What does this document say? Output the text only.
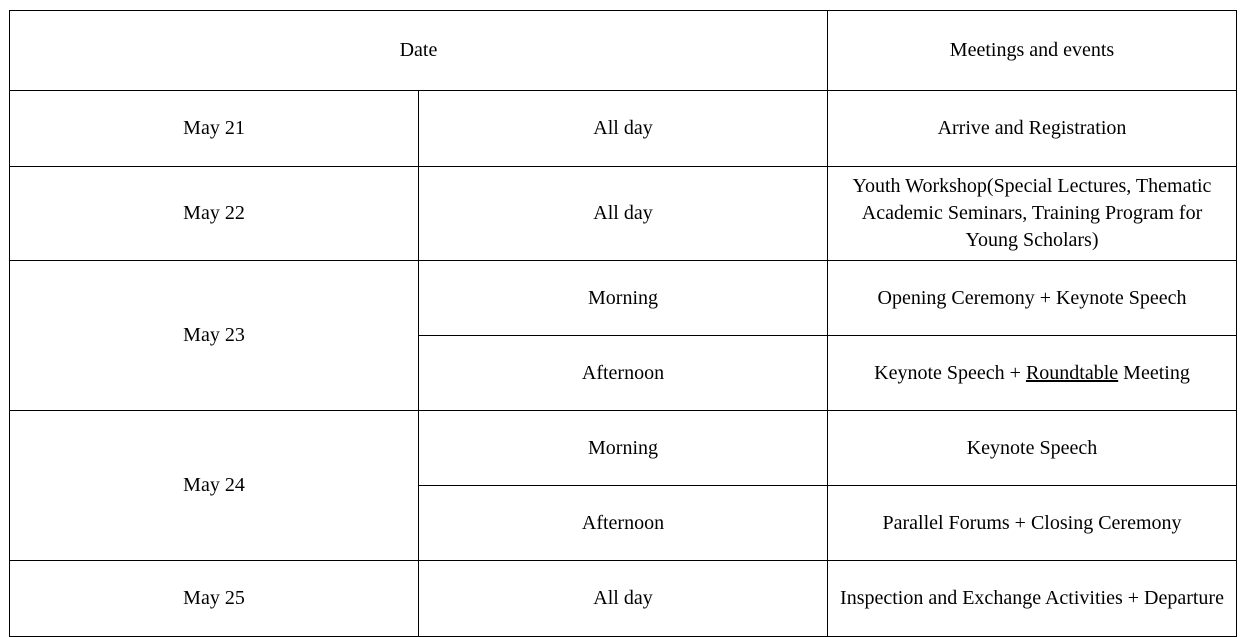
Date		Meetings and events
May 21	All day	Arrive and Registration
May 22	All day	Youth Workshop(Special Lectures, Thematic Academic Seminars, Training Program for Young Scholars)
May 23	Morning	Opening Ceremony + Keynote Speech
	Afternoon	Keynote Speech + Roundtable Meeting
May 24	Morning	Keynote Speech
	Afternoon	Parallel Forums + Closing Ceremony
May 25	All day	Inspection and Exchange Activities + Departure
